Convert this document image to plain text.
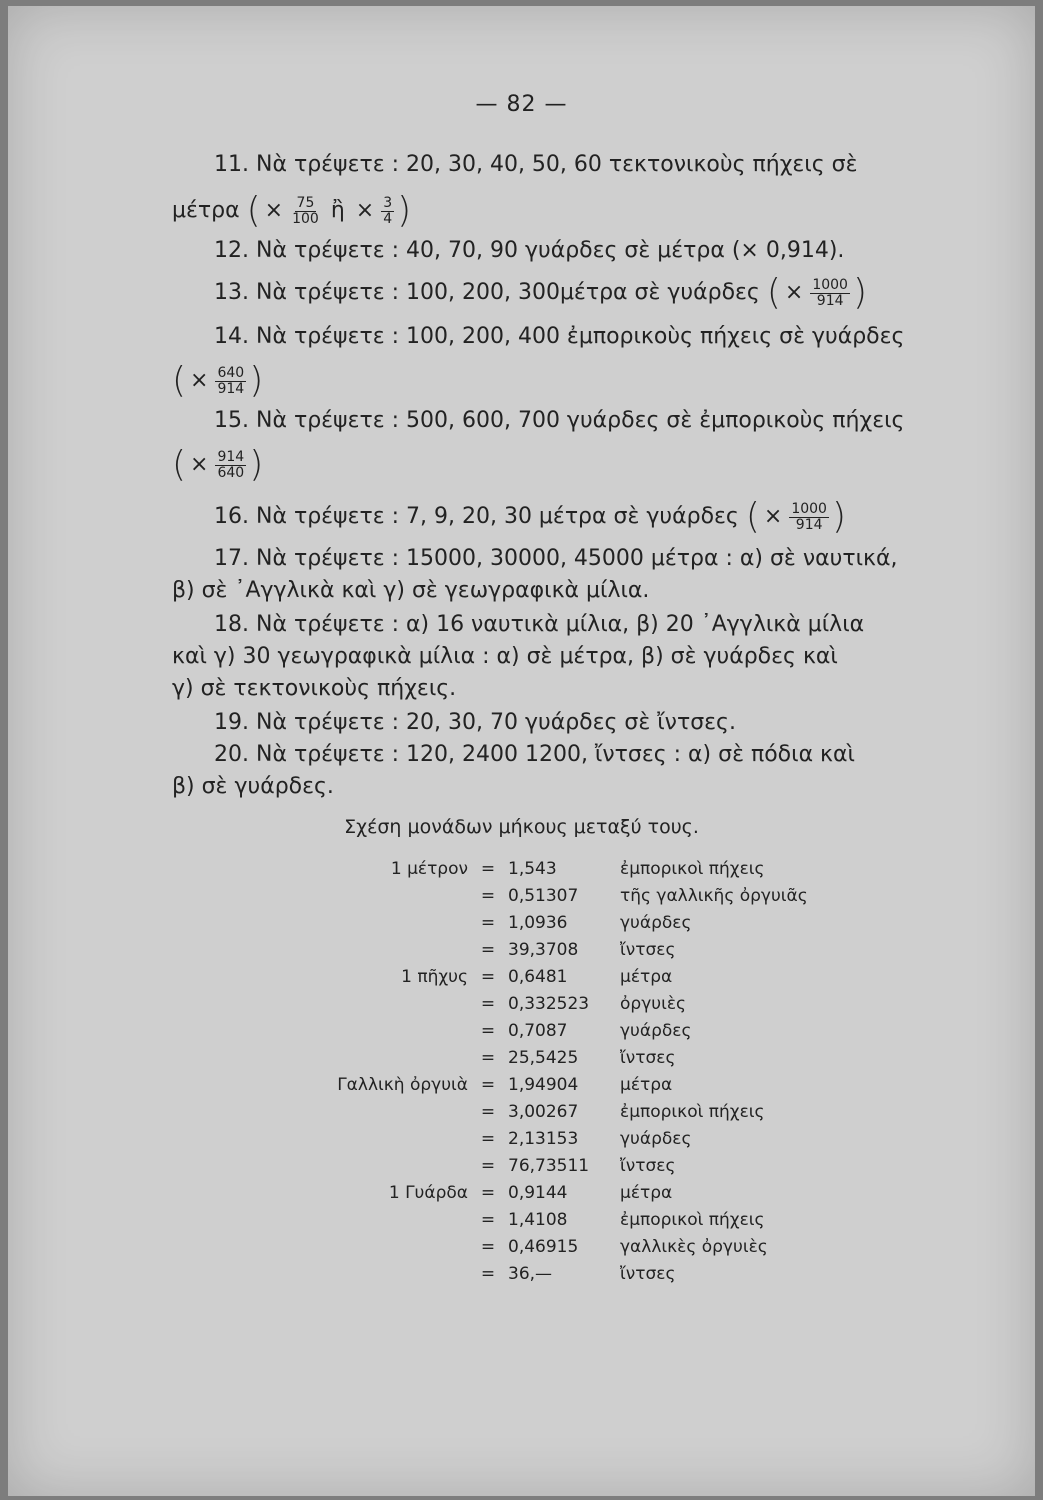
— 82 —
11. Νὰ τρέψετε : 20, 30, 40, 50, 60 τεκτονικοὺς πήχεις σὲ
μέτρα ( × $\frac{75}{100}$ ἢ × $\frac{3}{4}$ )
12. Νὰ τρέψετε : 40, 70, 90 γυάρδες σὲ μέτρα (× 0,914).
13. Νὰ τρέψετε : 100, 200, 300μέτρα σὲ γυάρδες ( × $\frac{1000}{914}$ )
14. Νὰ τρέψετε : 100, 200, 400 ἐμπορικοὺς πήχεις σὲ γυάρδες
( × $\frac{640}{914}$ )
15. Νὰ τρέψετε : 500, 600, 700 γυάρδες σὲ ἐμπορικοὺς πήχεις
( × $\frac{914}{640}$ )
16. Νὰ τρέψετε : 7, 9, 20, 30 μέτρα σὲ γυάρδες ( × $\frac{1000}{914}$ )
17. Νὰ τρέψετε : 15000, 30000, 45000 μέτρα : α) σὲ ναυτικά,
β) σὲ ᾽Αγγλικὰ καὶ γ) σὲ γεωγραφικὰ μίλια.
18. Νὰ τρέψετε : α) 16 ναυτικὰ μίλια, β) 20 ᾽Αγγλικὰ μίλια
καὶ γ) 30 γεωγραφικὰ μίλια : α) σὲ μέτρα, β) σὲ γυάρδες καὶ
γ) σὲ τεκτονικοὺς πήχεις.
19. Νὰ τρέψετε : 20, 30, 70 γυάρδες σὲ ἴντσες.
20. Νὰ τρέψετε : 120, 2400 1200, ἴντσες : α) σὲ πόδια καὶ
β) σὲ γυάρδες.
Σχέση μονάδων μήκους μεταξύ τους.
1 μέτρον = 1,543	ἐμπορικοὶ πήχεις
= 0,51307	τῆς γαλλικῆς ὀργυιᾶς
= 1,0936	γυάρδες
= 39,3708	ἴντσες
1 πῆχυς = 0,6481	μέτρα
= 0,332523	ὀργυιὲς
= 0,7087	γυάρδες
= 25,5425	ἴντσες
Γαλλικὴ ὀργυιὰ = 1,94904	μέτρα
= 3,00267	ἐμπορικοὶ πήχεις
= 2,13153	γυάρδες
= 76,73511	ἴντσες
1 Γυάρδα = 0,9144	μέτρα
= 1,4108	ἐμπορικοὶ πήχεις
= 0,46915	γαλλικὲς ὀργυιὲς
= 36,—	ἴντσες
